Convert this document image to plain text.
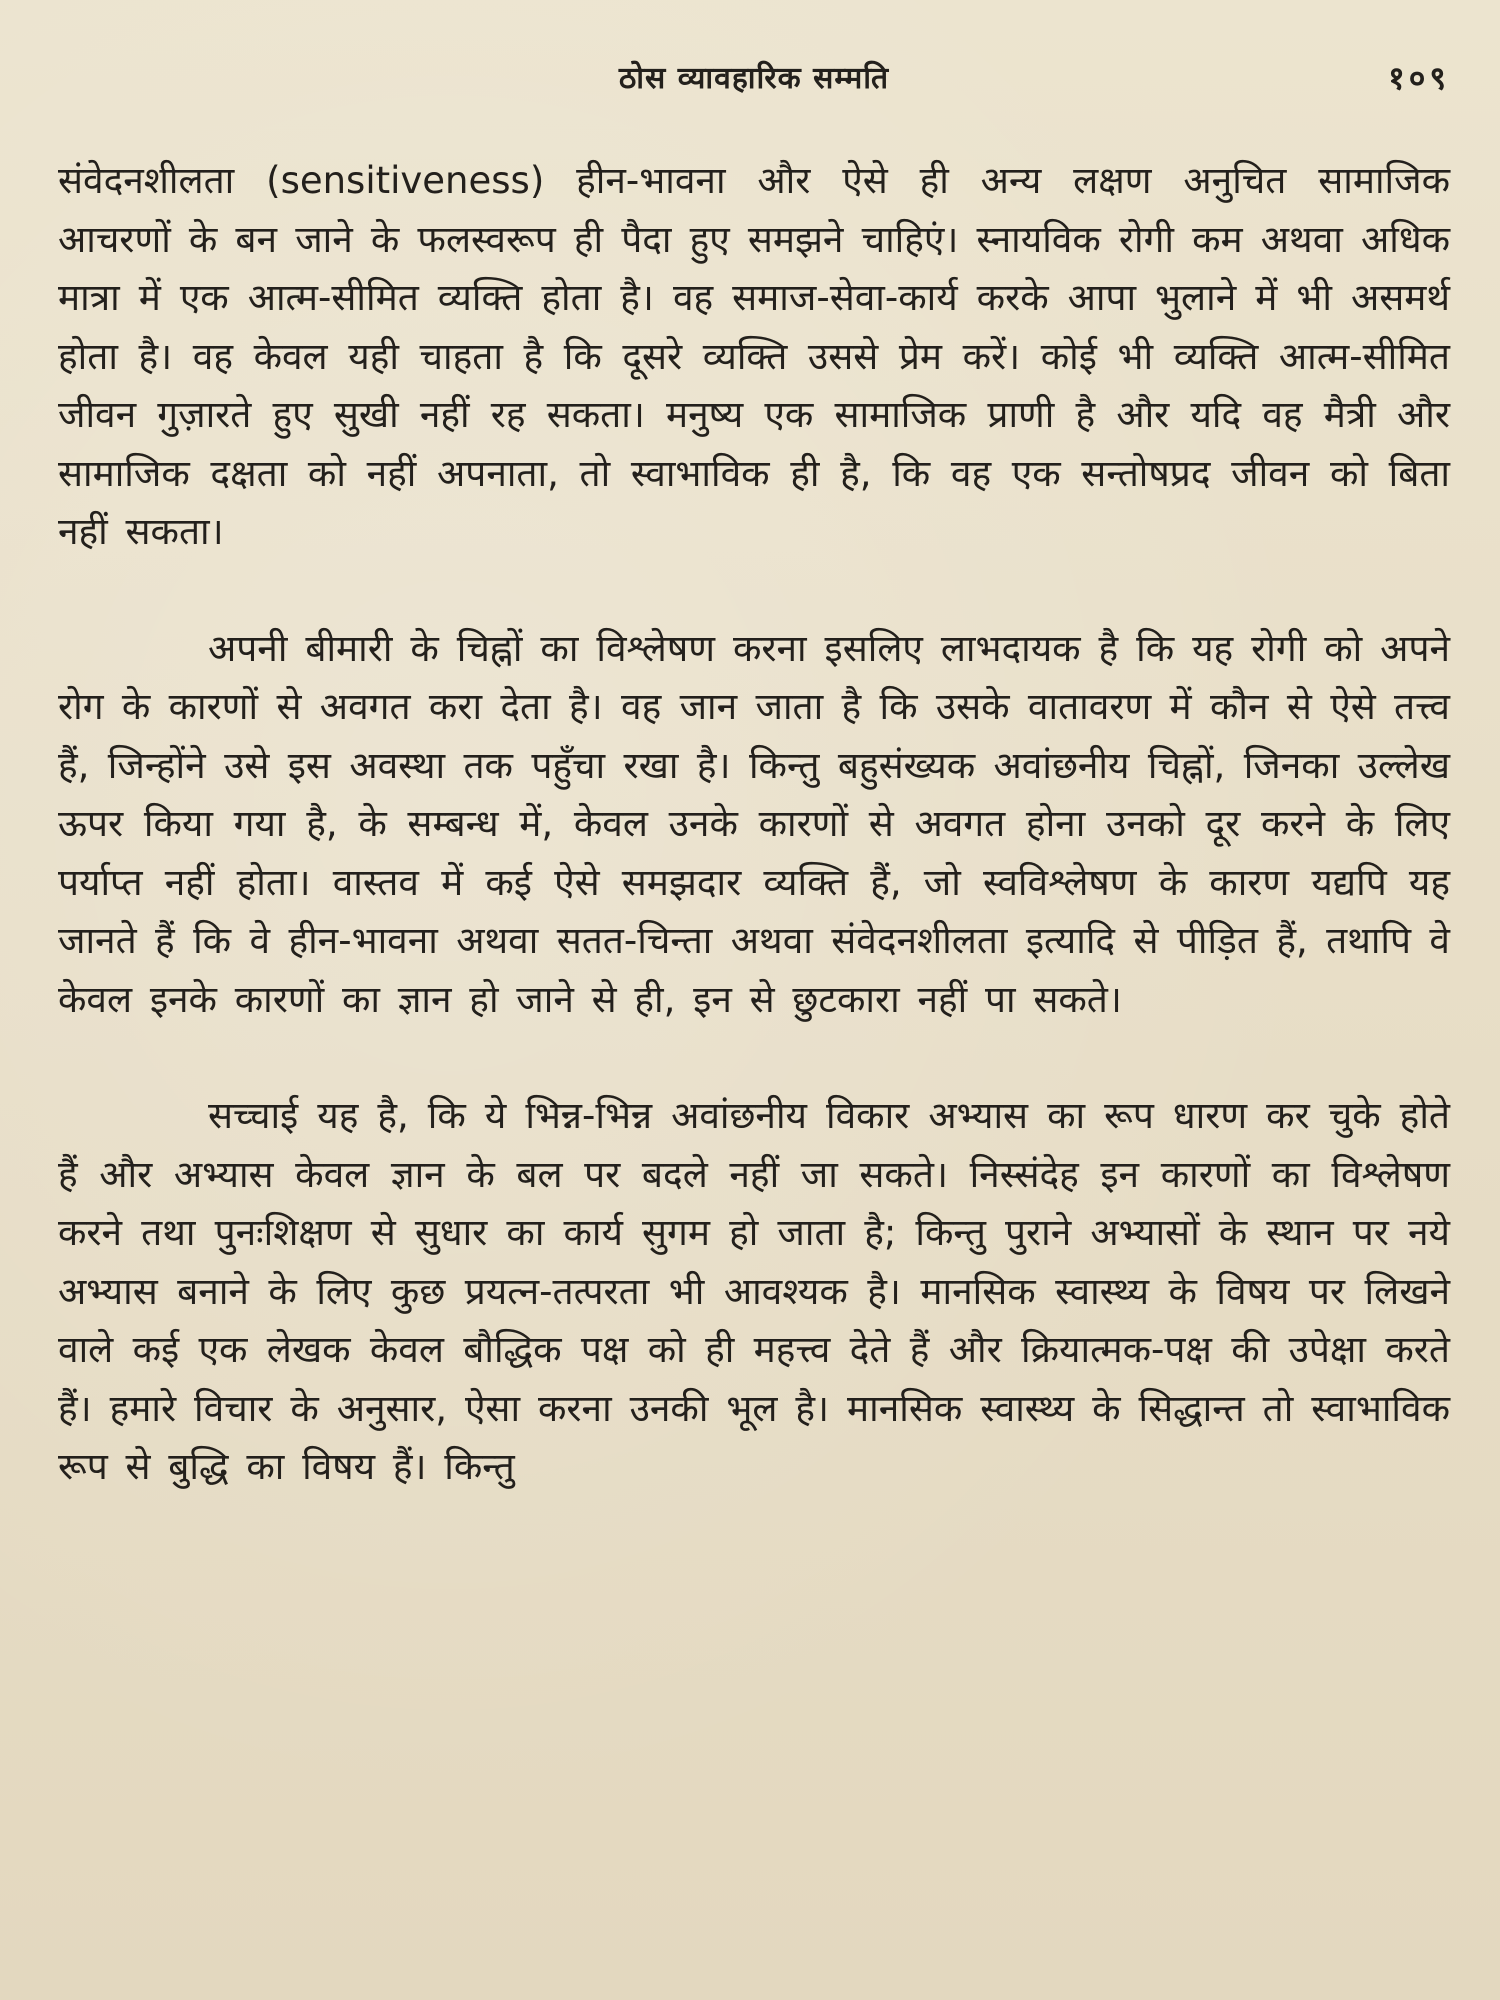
ठोस व्यावहारिक सम्मति	१०९

संवेदनशीलता (sensitiveness) हीन-भावना और ऐसे ही अन्य लक्षण अनुचित सामाजिक आचरणों के बन जाने के फलस्वरूप ही पैदा हुए समझने चाहिएं। स्नायविक रोगी कम अथवा अधिक मात्रा में एक आत्म-सीमित व्यक्ति होता है। वह समाज-सेवा-कार्य करके आपा भुलाने में भी असमर्थ होता है। वह केवल यही चाहता है कि दूसरे व्यक्ति उससे प्रेम करें। कोई भी व्यक्ति आत्म-सीमित जीवन गुज़ारते हुए सुखी नहीं रह सकता। मनुष्य एक सामाजिक प्राणी है और यदि वह मैत्री और सामाजिक दक्षता को नहीं अपनाता, तो स्वाभाविक ही है, कि वह एक सन्तोषप्रद जीवन को बिता नहीं सकता।

अपनी बीमारी के चिह्नों का विश्लेषण करना इसलिए लाभदायक है कि यह रोगी को अपने रोग के कारणों से अवगत करा देता है। वह जान जाता है कि उसके वातावरण में कौन से ऐसे तत्त्व हैं, जिन्होंने उसे इस अवस्था तक पहुँचा रखा है। किन्तु बहुसंख्यक अवांछनीय चिह्नों, जिनका उल्लेख ऊपर किया गया है, के सम्बन्ध में, केवल उनके कारणों से अवगत होना उनको दूर करने के लिए पर्याप्त नहीं होता। वास्तव में कई ऐसे समझदार व्यक्ति हैं, जो स्वविश्लेषण के कारण यद्यपि यह जानते हैं कि वे हीन-भावना अथवा सतत-चिन्ता अथवा संवेदनशीलता इत्यादि से पीड़ित हैं, तथापि वे केवल इनके कारणों का ज्ञान हो जाने से ही, इन से छुटकारा नहीं पा सकते।

सच्चाई यह है, कि ये भिन्न-भिन्न अवांछनीय विकार अभ्यास का रूप धारण कर चुके होते हैं और अभ्यास केवल ज्ञान के बल पर बदले नहीं जा सकते। निस्संदेह इन कारणों का विश्लेषण करने तथा पुनःशिक्षण से सुधार का कार्य सुगम हो जाता है; किन्तु पुराने अभ्यासों के स्थान पर नये अभ्यास बनाने के लिए कुछ प्रयत्न-तत्परता भी आवश्यक है। मानसिक स्वास्थ्य के विषय पर लिखने वाले कई एक लेखक केवल बौद्धिक पक्ष को ही महत्त्व देते हैं और क्रियात्मक-पक्ष की उपेक्षा करते हैं। हमारे विचार के अनुसार, ऐसा करना उनकी भूल है। मानसिक स्वास्थ्य के सिद्धान्त तो स्वाभाविक रूप से बुद्धि का विषय हैं। किन्तु
